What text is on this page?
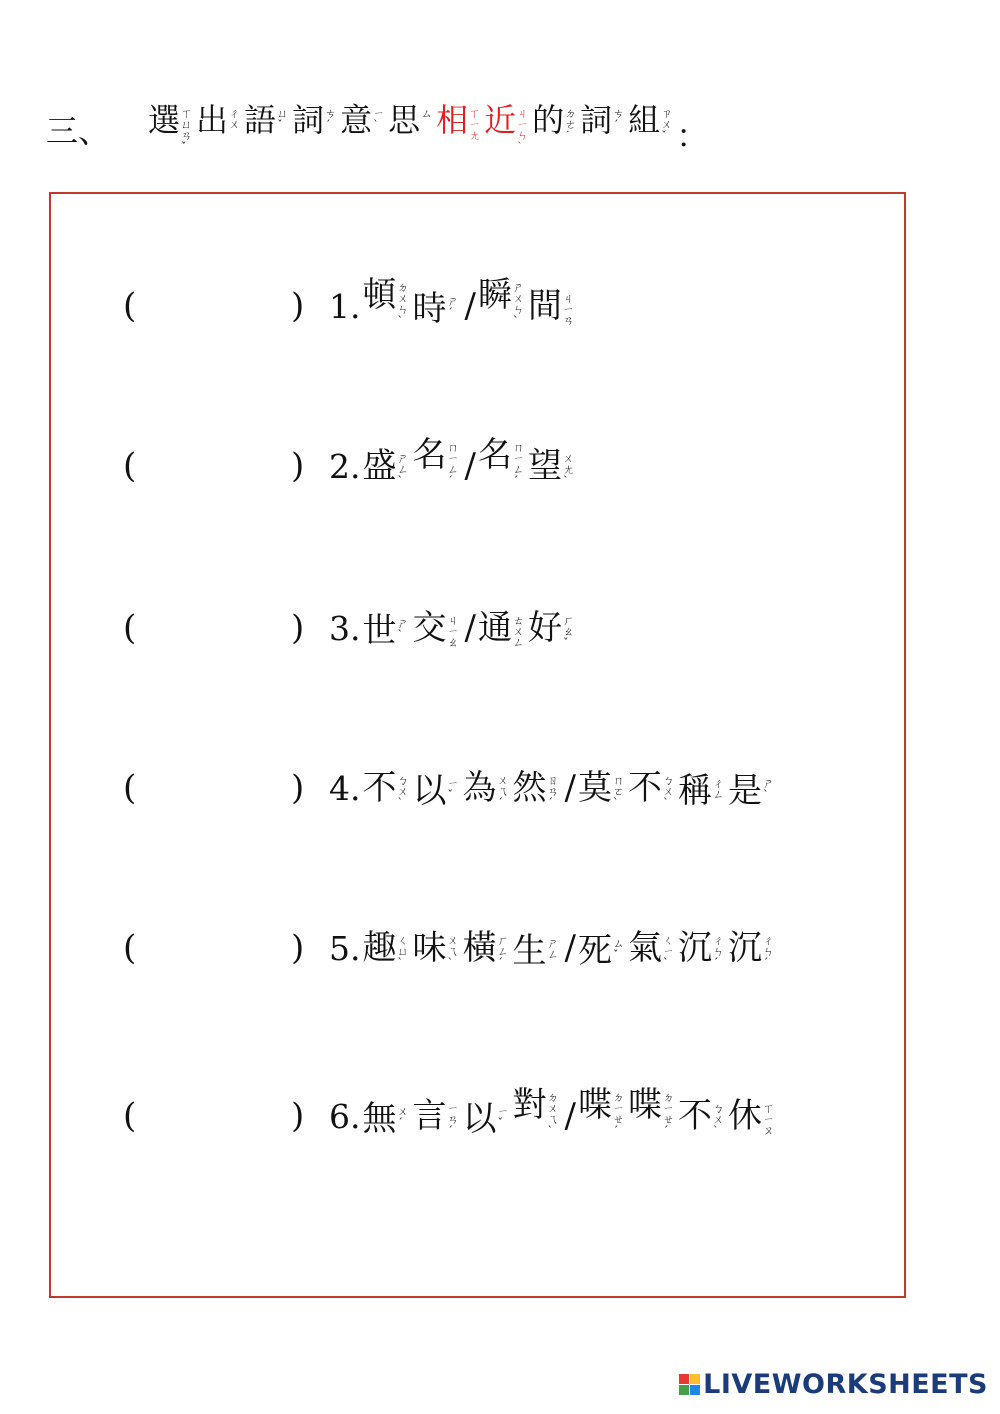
三、 選 ㄒ
ㄩ
ㄢ
ˇ
出 ㄔ
ㄨ 語 ㄩ
ˇ 詞 ㄘ
ˊ 意 ㄧ
ˋ 思 ㄙ 相 ㄒ
ㄧ
ㄤ 近 ㄐ
ㄧ
ㄣ
ˋ
的 ㄉ
ㄜ
˙ 詞 ㄘ
ˊ 組 ㄗ
ㄨ
ˇ ：
(	) 1. 頓 ㄉ
ㄨ
ㄣ
ˋ 時 ㄕ
ˊ / 瞬 ㄕ
ㄨ
ㄣ
ˋ 間 ㄐ
ㄧ
ㄢ
(	) 2. 盛 ㄕ
ㄥ
ˋ
名 ㄇ
ㄧ
ㄥ
ˊ / 名 ㄇ
ㄧ
ㄥ
ˊ 望 ㄨ
ㄤ
ˋ
(	) 3. 世 ㄕ
ˋ 交 ㄐ
ㄧ
ㄠ / 通 ㄊ
ㄨ
ㄥ 好 ㄏ
ㄠ
ˇ
(	) 4. 不 ㄅ
ㄨ
ˋ 以 ㄧ
ˇ 為 ㄨ
ㄟ
ˊ 然 ㄖ
ㄢ
ˊ / 莫 ㄇ
ㄛ
ˋ 不 ㄅ
ㄨ
ˋ 稱 ㄔ
ㄥ 是 ㄕ
ˋ
(	) 5. 趣 ㄑ
ㄩ
ˋ 味 ㄨ
ㄟ
ˋ 橫 ㄏ
ㄥ
ˊ 生 ㄕ
ㄥ / 死 ㄙ
ˇ 氣 ㄑ
ㄧ
ˋ 沉 ㄔ
ㄣ
ˊ 沉 ㄔ
ㄣ
ˊ
(	) 6. 無 ㄨ
ˊ 言 ㄧ
ㄢ
ˊ 以 ㄧ
ˇ 對 ㄉ
ㄨ
ㄟ
ˋ / 喋 ㄉ
ㄧ
ㄝ
ˊ
喋 ㄉ
ㄧ
ㄝ
ˊ 不 ㄅ
ㄨ
ˋ 休 ㄒ
ㄧ
ㄡ
LIVEWORKSHEETS
